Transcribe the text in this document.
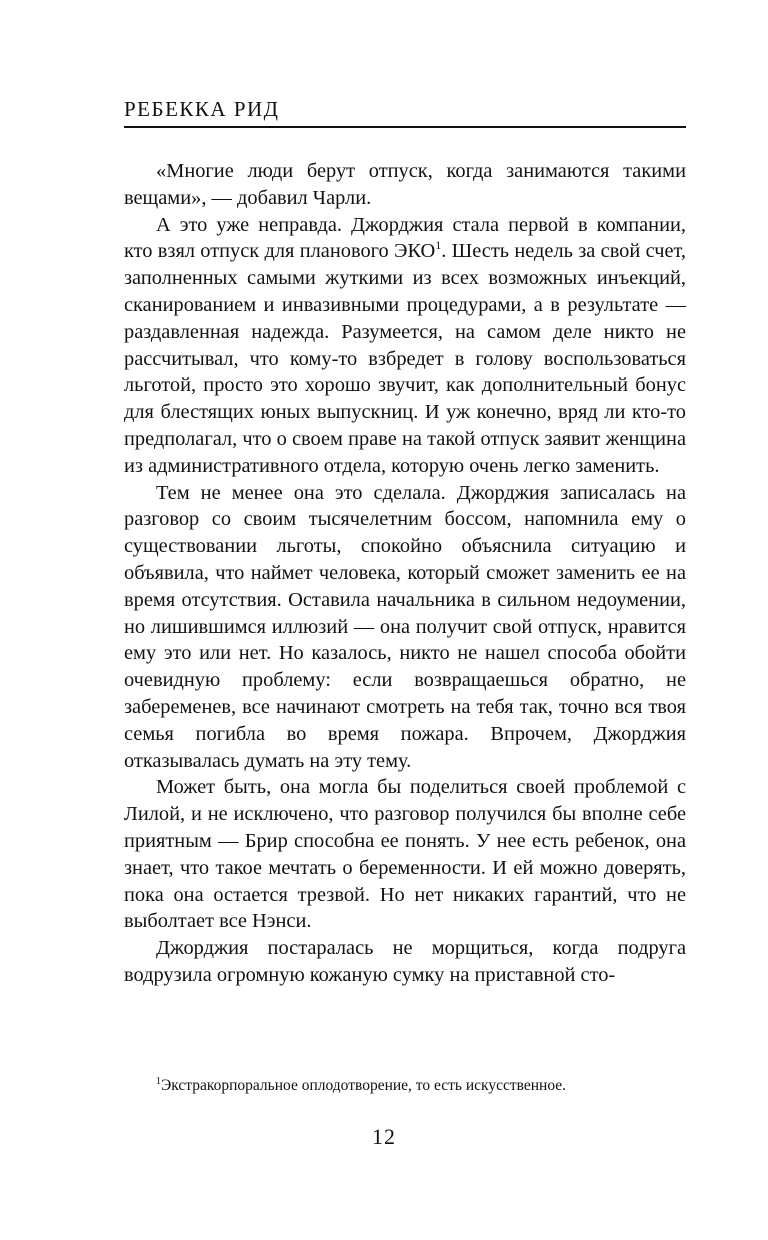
РЕБЕККА РИД

«Многие люди берут отпуск, когда занимаются такими вещами», — добавил Чарли.

А это уже неправда. Джорджия стала первой в компании, кто взял отпуск для планового ЭКО$^1$. Шесть недель за свой счет, заполненных самыми жуткими из всех возможных инъекций, сканированием и инвазивными процедурами, а в результате — раздавленная надежда. Разумеется, на самом деле никто не рассчитывал, что кому-то взбредет в голову воспользоваться льготой, просто это хорошо звучит, как дополнительный бонус для блестящих юных выпускниц. И уж конечно, вряд ли кто-то предполагал, что о своем праве на такой отпуск заявит женщина из административного отдела, которую очень легко заменить.

Тем не менее она это сделала. Джорджия записалась на разговор со своим тысячелетним боссом, напомнила ему о существовании льготы, спокойно объяснила ситуацию и объявила, что наймет человека, который сможет заменить ее на время отсутствия. Оставила начальника в сильном недоумении, но лишившимся иллюзий — она получит свой отпуск, нравится ему это или нет. Но казалось, никто не нашел способа обойти очевидную проблему: если возвращаешься обратно, не забеременев, все начинают смотреть на тебя так, точно вся твоя семья погибла во время пожара. Впрочем, Джорджия отказывалась думать на эту тему.

Может быть, она могла бы поделиться своей проблемой с Лилой, и не исключено, что разговор получился бы вполне себе приятным — Брир способна ее понять. У нее есть ребенок, она знает, что такое мечтать о беременности. И ей можно доверять, пока она остается трезвой. Но нет никаких гарантий, что не выболтает все Нэнси.

Джорджия постаралась не морщиться, когда подруга водрузила огромную кожаную сумку на приставной сто-

$^1$Экстракорпоральное оплодотворение, то есть искусственное.
12
